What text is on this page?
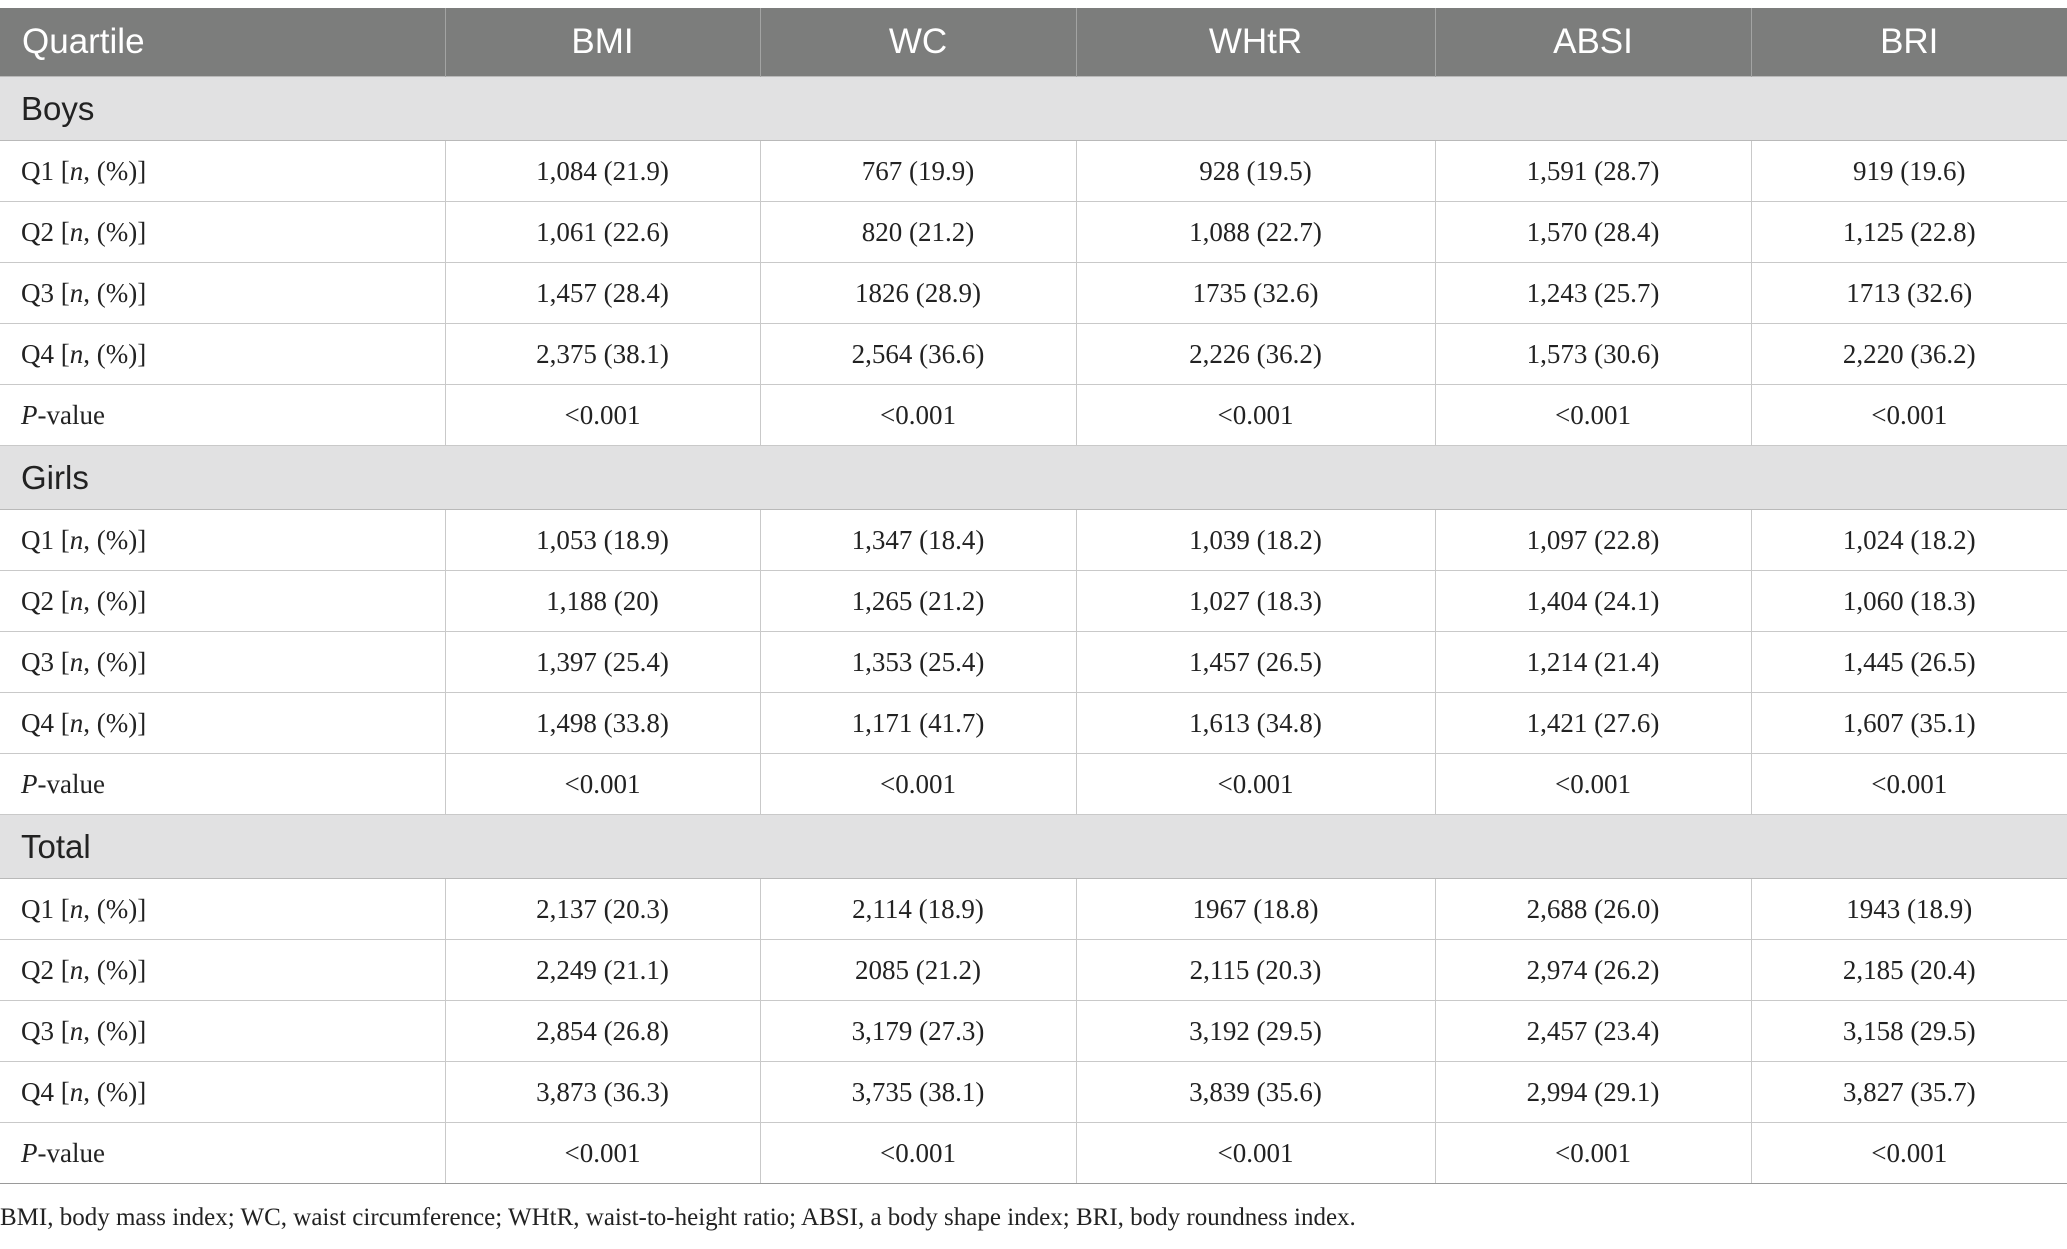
Quartile	BMI	WC	WHtR	ABSI	BRI
Boys					
Q1 [n, (%)]	1,084 (21.9)	767 (19.9)	928 (19.5)	1,591 (28.7)	919 (19.6)
Q2 [n, (%)]	1,061 (22.6)	820 (21.2)	1,088 (22.7)	1,570 (28.4)	1,125 (22.8)
Q3 [n, (%)]	1,457 (28.4)	1826 (28.9)	1735 (32.6)	1,243 (25.7)	1713 (32.6)
Q4 [n, (%)]	2,375 (38.1)	2,564 (36.6)	2,226 (36.2)	1,573 (30.6)	2,220 (36.2)
P-value	<0.001	<0.001	<0.001	<0.001	<0.001
Girls					
Q1 [n, (%)]	1,053 (18.9)	1,347 (18.4)	1,039 (18.2)	1,097 (22.8)	1,024 (18.2)
Q2 [n, (%)]	1,188 (20)	1,265 (21.2)	1,027 (18.3)	1,404 (24.1)	1,060 (18.3)
Q3 [n, (%)]	1,397 (25.4)	1,353 (25.4)	1,457 (26.5)	1,214 (21.4)	1,445 (26.5)
Q4 [n, (%)]	1,498 (33.8)	1,171 (41.7)	1,613 (34.8)	1,421 (27.6)	1,607 (35.1)
P-value	<0.001	<0.001	<0.001	<0.001	<0.001
Total					
Q1 [n, (%)]	2,137 (20.3)	2,114 (18.9)	1967 (18.8)	2,688 (26.0)	1943 (18.9)
Q2 [n, (%)]	2,249 (21.1)	2085 (21.2)	2,115 (20.3)	2,974 (26.2)	2,185 (20.4)
Q3 [n, (%)]	2,854 (26.8)	3,179 (27.3)	3,192 (29.5)	2,457 (23.4)	3,158 (29.5)
Q4 [n, (%)]	3,873 (36.3)	3,735 (38.1)	3,839 (35.6)	2,994 (29.1)	3,827 (35.7)
P-value	<0.001	<0.001	<0.001	<0.001	<0.001
BMI, body mass index; WC, waist circumference; WHtR, waist-to-height ratio; ABSI, a body shape index; BRI, body roundness index.
